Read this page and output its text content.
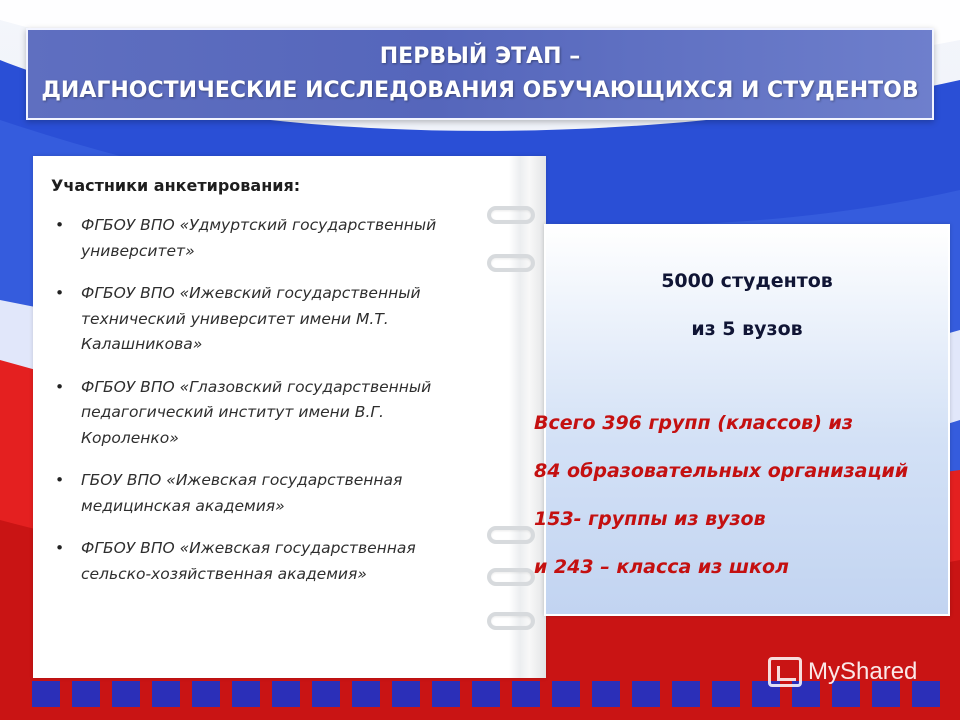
ПЕРВЫЙ ЭТАП –
ДИАГНОСТИЧЕСКИЕ ИССЛЕДОВАНИЯ ОБУЧАЮЩИХСЯ И СТУДЕНТОВ
Участники анкетирования:
• ФГБОУ ВПО «Удмуртский государственный университет»
• ФГБОУ ВПО «Ижевский государственный технический университет имени М.Т. Калашникова»
• ФГБОУ ВПО «Глазовский государственный педагогический институт имени В.Г. Короленко»
• ГБОУ ВПО «Ижевская государственная медицинская академия»
• ФГБОУ ВПО «Ижевская государственная сельско-хозяйственная академия»
5000 студентов
из 5 вузов
Всего 396 групп (классов) из
84 образовательных организаций
153- группы из вузов
и 243 – класса из школ
MyShared
